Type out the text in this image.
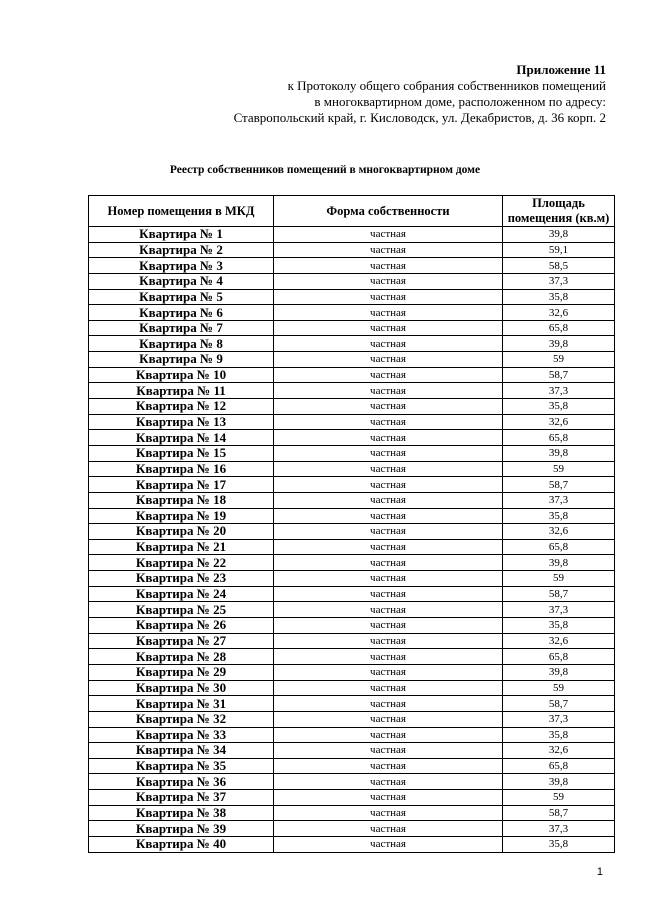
Приложение 11
к Протоколу общего собрания собственников помещений
в многоквартирном доме, расположенном по адресу:
Ставропольский край, г. Кисловодск, ул. Декабристов, д. 36 корп. 2
Реестр собственников помещений в многоквартирном доме
Номер помещения в МКД	Форма собственности	Площадь помещения (кв.м)
Квартира № 1	частная	39,8
Квартира № 2	частная	59,1
Квартира № 3	частная	58,5
Квартира № 4	частная	37,3
Квартира № 5	частная	35,8
Квартира № 6	частная	32,6
Квартира № 7	частная	65,8
Квартира № 8	частная	39,8
Квартира № 9	частная	59
Квартира № 10	частная	58,7
Квартира № 11	частная	37,3
Квартира № 12	частная	35,8
Квартира № 13	частная	32,6
Квартира № 14	частная	65,8
Квартира № 15	частная	39,8
Квартира № 16	частная	59
Квартира № 17	частная	58,7
Квартира № 18	частная	37,3
Квартира № 19	частная	35,8
Квартира № 20	частная	32,6
Квартира № 21	частная	65,8
Квартира № 22	частная	39,8
Квартира № 23	частная	59
Квартира № 24	частная	58,7
Квартира № 25	частная	37,3
Квартира № 26	частная	35,8
Квартира № 27	частная	32,6
Квартира № 28	частная	65,8
Квартира № 29	частная	39,8
Квартира № 30	частная	59
Квартира № 31	частная	58,7
Квартира № 32	частная	37,3
Квартира № 33	частная	35,8
Квартира № 34	частная	32,6
Квартира № 35	частная	65,8
Квартира № 36	частная	39,8
Квартира № 37	частная	59
Квартира № 38	частная	58,7
Квартира № 39	частная	37,3
Квартира № 40	частная	35,8
1
